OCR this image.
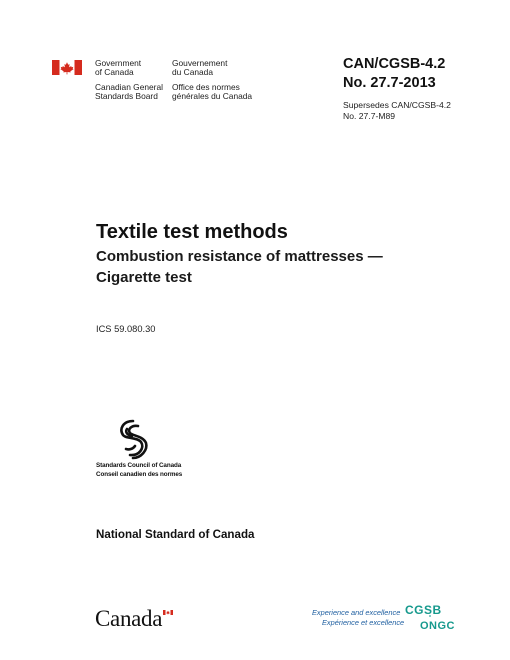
Government
of Canada
Gouvernement
du Canada
Canadian General
Standards Board
Office des normes
générales du Canada
CAN/CGSB-4.2
No. 27.7-2013
Supersedes CAN/CGSB-4.2
No. 27.7-M89
Textile test methods
Combustion resistance of mattresses —
Cigarette test
ICS 59.080.30
Standards Council of Canada
Conseil canadien des normes
National Standard of Canada
Canada	Experience and excellence
Expérience et excellence
CGSB
ONGC
